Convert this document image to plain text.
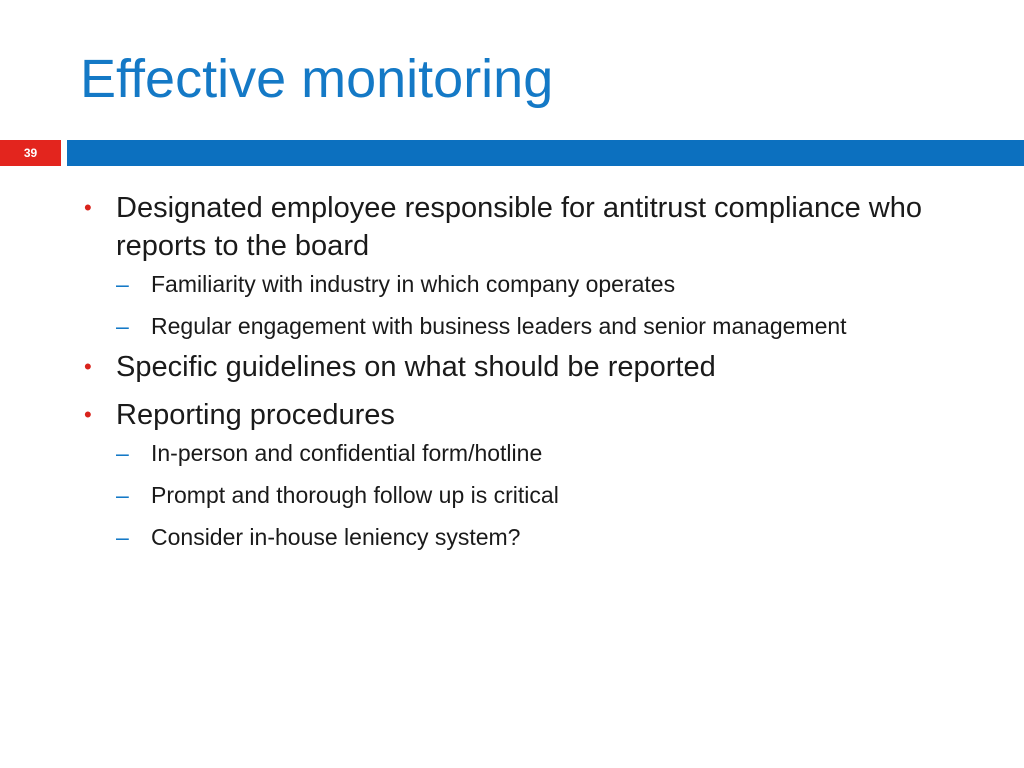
Effective monitoring
39
• Designated employee responsible for antitrust compliance who reports to the board
– Familiarity with industry in which company operates
– Regular engagement with business leaders and senior management
• Specific guidelines on what should be reported
• Reporting procedures
– In-person and confidential form/hotline
– Prompt and thorough follow up is critical
– Consider in-house leniency system?
